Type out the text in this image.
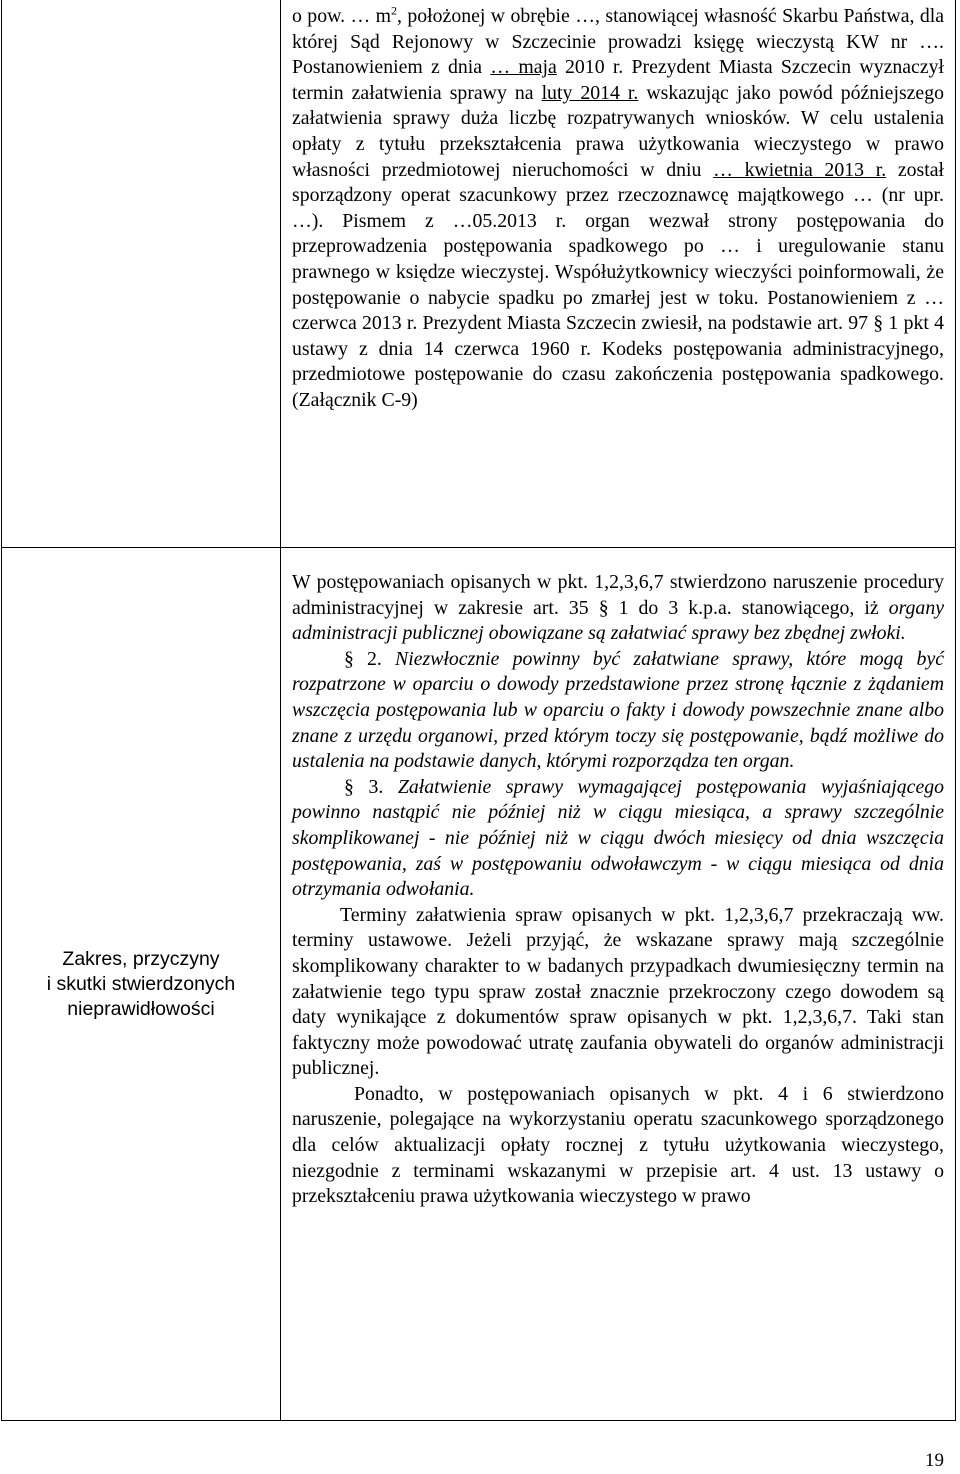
Zakres, przyczyny
i skutki stwierdzonych
nieprawidłowości

o pow. … $m^2$, położonej w obrębie …, stanowiącej własność Skarbu Państwa, dla której Sąd Rejonowy w Szczecinie prowadzi księgę wieczystą KW nr …. Postanowieniem z dnia … maja 2010 r. Prezydent Miasta Szczecin wyznaczył termin załatwienia sprawy na luty 2014 r. wskazując jako powód późniejszego załatwienia sprawy duża liczbę rozpatrywanych wniosków. W celu ustalenia opłaty z tytułu przekształcenia prawa użytkowania wieczystego w prawo własności przedmiotowej nieruchomości w dniu … kwietnia 2013 r. został sporządzony operat szacunkowy przez rzeczoznawcę majątkowego … (nr upr. …). Pismem z …05.2013 r. organ wezwał strony postępowania do przeprowadzenia postępowania spadkowego po … i uregulowanie stanu prawnego w księdze wieczystej. Współużytkownicy wieczyści poinformowali, że postępowanie o nabycie spadku po zmarłej jest w toku. Postanowieniem z … czerwca 2013 r. Prezydent Miasta Szczecin zwiesił, na podstawie art. 97 § 1 pkt 4 ustawy z dnia 14 czerwca 1960 r. Kodeks postępowania administracyjnego, przedmiotowe postępowanie do czasu zakończenia postępowania spadkowego. (Załącznik C-9)

W postępowaniach opisanych w pkt. 1,2,3,6,7 stwierdzono naruszenie procedury administracyjnej w zakresie art. 35 § 1 do 3 k.p.a. stanowiącego, iż organy administracji publicznej obowiązane są załatwiać sprawy bez zbędnej zwłoki.

§ 2. Niezwłocznie powinny być załatwiane sprawy, które mogą być rozpatrzone w oparciu o dowody przedstawione przez stronę łącznie z żądaniem wszczęcia postępowania lub w oparciu o fakty i dowody powszechnie znane albo znane z urzędu organowi, przed którym toczy się postępowanie, bądź możliwe do ustalenia na podstawie danych, którymi rozporządza ten organ.

§ 3. Załatwienie sprawy wymagającej postępowania wyjaśniającego powinno nastąpić nie później niż w ciągu miesiąca, a sprawy szczególnie skomplikowanej - nie później niż w ciągu dwóch miesięcy od dnia wszczęcia postępowania, zaś w postępowaniu odwoławczym - w ciągu miesiąca od dnia otrzymania odwołania.

Terminy załatwienia spraw opisanych w pkt. 1,2,3,6,7 przekraczają ww. terminy ustawowe. Jeżeli przyjąć, że wskazane sprawy mają szczególnie skomplikowany charakter to w badanych przypadkach dwumiesięczny termin na załatwienie tego typu spraw został znacznie przekroczony czego dowodem są daty wynikające z dokumentów spraw opisanych w pkt. 1,2,3,6,7. Taki stan faktyczny może powodować utratę zaufania obywateli do organów administracji publicznej.

Ponadto, w postępowaniach opisanych w pkt. 4 i 6 stwierdzono naruszenie, polegające na wykorzystaniu operatu szacunkowego sporządzonego dla celów aktualizacji opłaty rocznej z tytułu użytkowania wieczystego, niezgodnie z terminami wskazanymi w przepisie art. 4 ust. 13 ustawy o przekształceniu prawa użytkowania wieczystego w prawo

19
